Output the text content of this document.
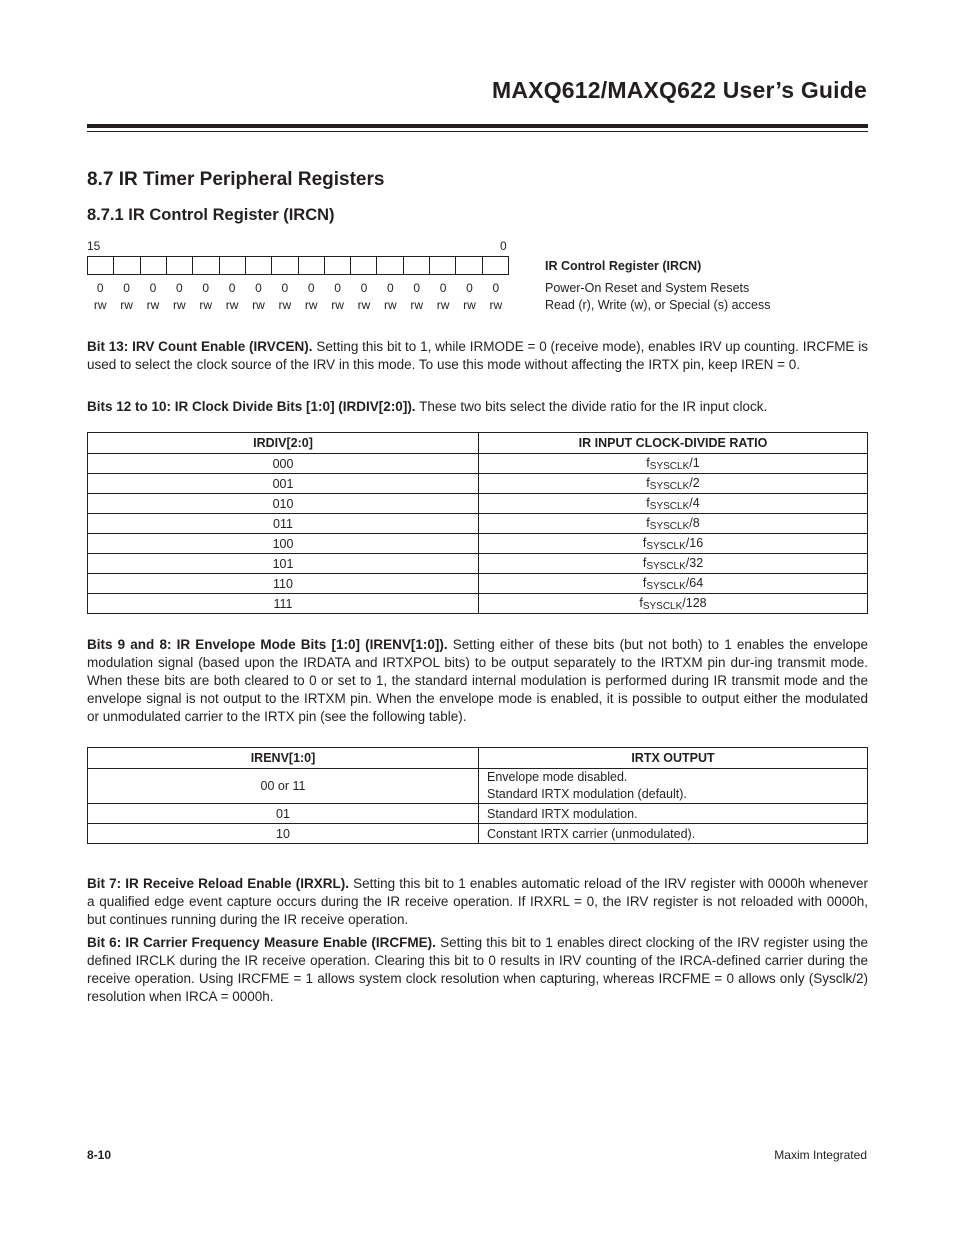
MAXQ612/MAXQ622 User’s Guide
8.7 IR Timer Peripheral Registers
8.7.1 IR Control Register (IRCN)
15	0
0	0	0	0	0	0	0	0	0	0	0	0	0	0	0	0
rw	rw	rw	rw	rw	rw	rw	rw	rw	rw	rw	rw	rw	rw	rw	rw
IR Control Register (IRCN)
Power-On Reset and System Resets
Read (r), Write (w), or Special (s) access
Bit 13: IRV Count Enable (IRVCEN). Setting this bit to 1, while IRMODE = 0 (receive mode), enables IRV up counting. IRCFME is used to select the clock source of the IRV in this mode. To use this mode without affecting the IRTX pin, keep IREN = 0.
Bits 12 to 10: IR Clock Divide Bits [1:0] (IRDIV[2:0]). These two bits select the divide ratio for the IR input clock.
IRDIV[2:0]	IR INPUT CLOCK-DIVIDE RATIO
000	$f_{SYSCLK}/1$
001	$f_{SYSCLK}/2$
010	$f_{SYSCLK}/4$
011	$f_{SYSCLK}/8$
100	$f_{SYSCLK}/16$
101	$f_{SYSCLK}/32$
110	$f_{SYSCLK}/64$
111	$f_{SYSCLK}/128$
Bits 9 and 8: IR Envelope Mode Bits [1:0] (IRENV[1:0]). Setting either of these bits (but not both) to 1 enables the envelope modulation signal (based upon the IRDATA and IRTXPOL bits) to be output separately to the IRTXM pin dur-ing transmit mode. When these bits are both cleared to 0 or set to 1, the standard internal modulation is performed during IR transmit mode and the envelope signal is not output to the IRTXM pin. When the envelope mode is enabled, it is possible to output either the modulated or unmodulated carrier to the IRTX pin (see the following table).
IRENV[1:0]	IRTX OUTPUT
00 or 11	Envelope mode disabled.
Standard IRTX modulation (default).

01	Standard IRTX modulation.
10	Constant IRTX carrier (unmodulated).
Bit 7: IR Receive Reload Enable (IRXRL). Setting this bit to 1 enables automatic reload of the IRV register with 0000h whenever a qualified edge event capture occurs during the IR receive operation. If IRXRL = 0, the IRV register is not reloaded with 0000h, but continues running during the IR receive operation.
Bit 6: IR Carrier Frequency Measure Enable (IRCFME). Setting this bit to 1 enables direct clocking of the IRV register using the defined IRCLK during the IR receive operation. Clearing this bit to 0 results in IRV counting of the IRCA-defined carrier during the receive operation. Using IRCFME = 1 allows system clock resolution when capturing, whereas IRCFME = 0 allows only (Sysclk/2) resolution when IRCA = 0000h.
8-10	Maxim Integrated
